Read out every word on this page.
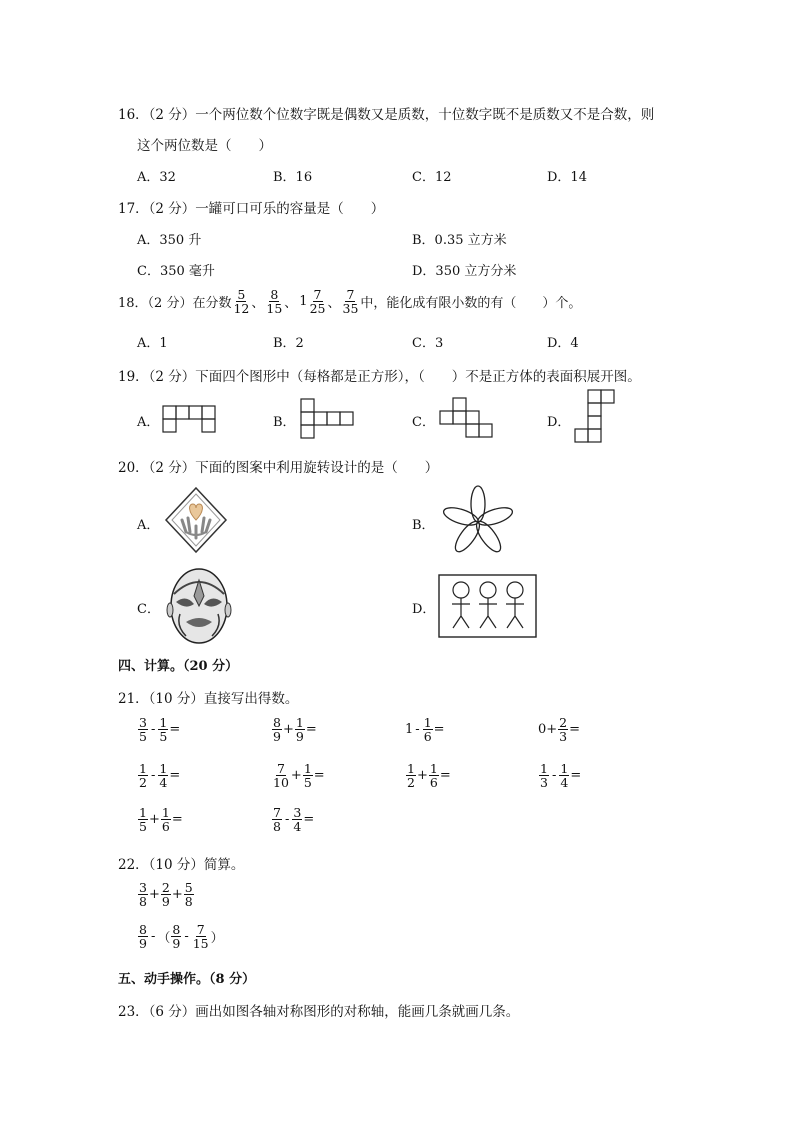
16．（2 分）一个两位数个位数字既是偶数又是质数，十位数字既不是质数又不是合数，则
这个两位数是（　　）
A．32	B．16	C．12	D．14
17．（2 分）一罐可口可乐的容量是（　　）
A．350 升	B．0.35 立方米
C．350 毫升	D．350 立方分米
18．（2 分）在分数 $\frac{5}{12}$ 、 $\frac{8}{15}$ 、 $1 \frac{7}{25}$ 、 $\frac{7}{35}$ 中，能化成有限小数的有（　　）个。
A．1	B．2	C．3	D．4
19．（2 分）下面四个图形中（每格都是正方形），（　　）不是正方体的表面积展开图。
A．	B．	C．	D．
20．（2 分）下面的图案中利用旋转设计的是（　　）
A．	B．
C．	D．
四、计算。（20 分）
21．（10 分）直接写出得数。
$\frac{3}{5} - \frac{1}{5}$ =	$\frac{8}{9} + \frac{1}{9}$ =	$1 - \frac{1}{6}$ =	$0+ \frac{2}{3}$ =
$\frac{1}{2} - \frac{1}{4}$ =	$\frac{7}{10} + \frac{1}{5}$ =	$\frac{1}{2} + \frac{1}{6}$ =	$\frac{1}{3} - \frac{1}{4}$ =
$\frac{1}{5} + \frac{1}{6}$ =	$\frac{7}{8} - \frac{3}{4}$ =
22．（10 分）简算。
$\frac{3}{8} + \frac{2}{9} + \frac{5}{8}$
$\frac{8}{9}$ - （ $\frac{8}{9} - \frac{7}{15}$ ）
五、动手操作。（8 分）
23．（6 分）画出如图各轴对称图形的对称轴，能画几条就画几条。
